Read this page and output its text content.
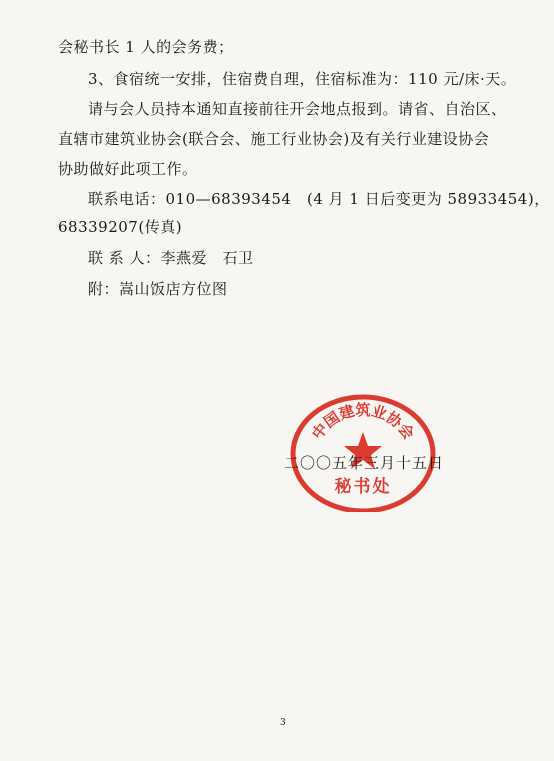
会秘书长 1 人的会务费；
3、食宿统一安排，住宿费自理，住宿标准为：110 元/床·天。
请与会人员持本通知直接前往开会地点报到。请省、自治区、
直辖市建筑业协会(联合会、施工行业协会)及有关行业建设协会
协助做好此项工作。
联系电话：010—68393454　(4 月 1 日后变更为 58933454)，
68339207(传真)
联 系 人：李燕爱　石卫
附：嵩山饭店方位图
中国建筑业协会
秘书处
二〇〇五年三月十五日
3
